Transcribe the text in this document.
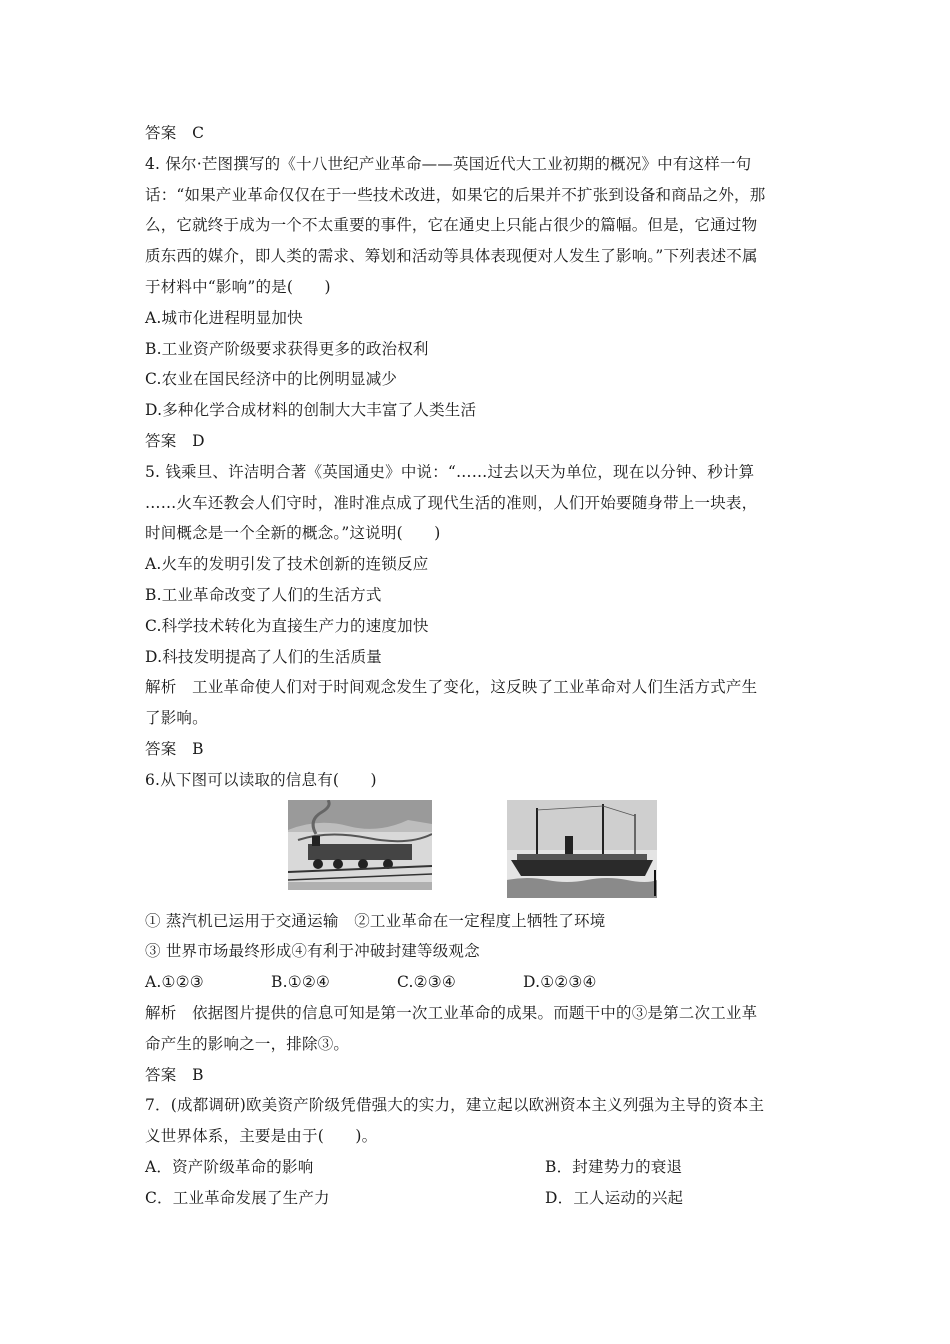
答案　C
4. 保尔·芒图撰写的《十八世纪产业革命——英国近代大工业初期的概况》中有这样一句
话：“如果产业革命仅仅在于一些技术改进，如果它的后果并不扩张到设备和商品之外，那
么，它就终于成为一个不太重要的事件，它在通史上只能占很少的篇幅。但是，它通过物
质东西的媒介，即人类的需求、筹划和活动等具体表现便对人发生了影响。”下列表述不属
于材料中“影响”的是(　　)
A.城市化进程明显加快
B.工业资产阶级要求获得更多的政治权利
C.农业在国民经济中的比例明显减少
D.多种化学合成材料的创制大大丰富了人类生活
答案　D
5. 钱乘旦、许洁明合著《英国通史》中说：“……过去以天为单位，现在以分钟、秒计算
……火车还教会人们守时，准时准点成了现代生活的准则，人们开始要随身带上一块表，
时间概念是一个全新的概念。”这说明(　　)
A.火车的发明引发了技术创新的连锁反应
B.工业革命改变了人们的生活方式
C.科学技术转化为直接生产力的速度加快
D.科技发明提高了人们的生活质量
解析　工业革命使人们对于时间观念发生了变化，这反映了工业革命对人们生活方式产生
了影响。
答案　B
6.从下图可以读取的信息有(　　)
① 蒸汽机已运用于交通运输　②工业革命在一定程度上牺牲了环境
③ 世界市场最终形成④有利于冲破封建等级观念
A.①②③	B.①②④	C.②③④	D.①②③④
解析　依据图片提供的信息可知是第一次工业革命的成果。而题干中的③是第二次工业革
命产生的影响之一，排除③。
答案　B
7．(成都调研)欧美资产阶级凭借强大的实力，建立起以欧洲资本主义列强为主导的资本主
义世界体系，主要是由于(　　)。
A．资产阶级革命的影响	B．封建势力的衰退
C．工业革命发展了生产力	D．工人运动的兴起
